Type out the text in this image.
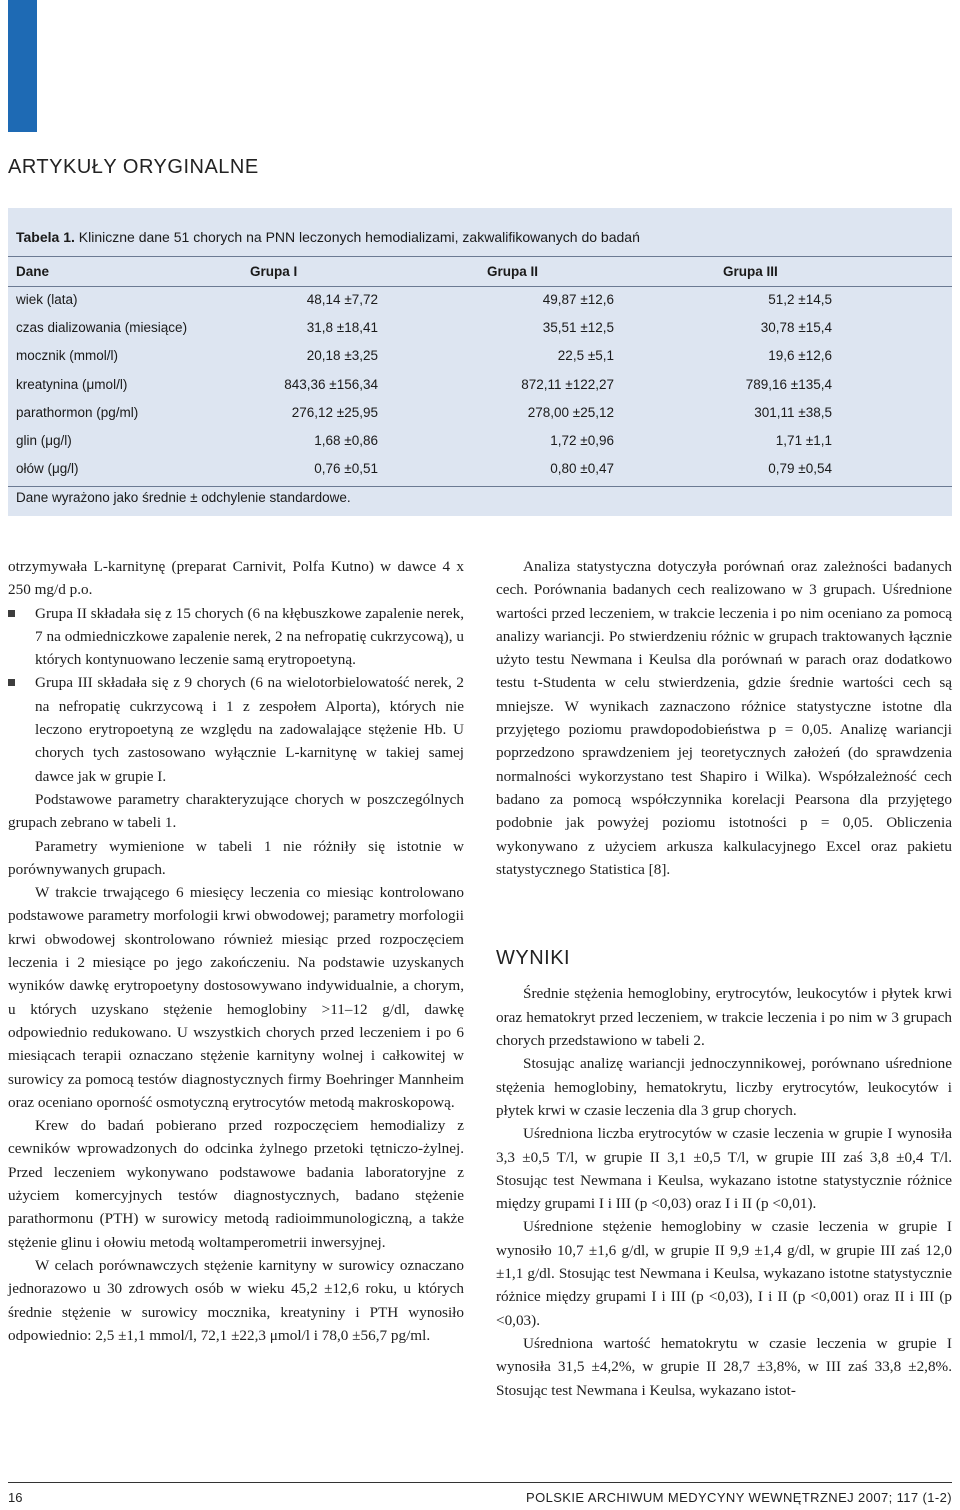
ARTYKUŁY ORYGINALNE
Tabela 1. Kliniczne dane 51 chorych na PNN leczonych hemodializami, zakwalifikowanych do badań
Dane	Grupa I	Grupa II	Grupa III
wiek (lata)	48,14 ±7,72	49,87 ±12,6	51,2 ±14,5
czas dializowania (miesiące)	31,8 ±18,41	35,51 ±12,5	30,78 ±15,4
mocznik (mmol/l)	20,18 ±3,25	22,5 ±5,1	19,6 ±12,6
kreatynina (μmol/l)	843,36 ±156,34	872,11 ±122,27	789,16 ±135,4
parathormon (pg/ml)	276,12 ±25,95	278,00 ±25,12	301,11 ±38,5
glin (μg/l)	1,68 ±0,86	1,72 ±0,96	1,71 ±1,1
ołów (μg/l)	0,76 ±0,51	0,80 ±0,47	0,79 ±0,54
Dane wyrażono jako średnie ± odchylenie standardowe.

otrzymywała L-karnitynę (preparat Carnivit, Polfa Kutno) w dawce 4 x 250 mg/d p.o.

Grupa II składała się z 15 chorych (6 na kłębuszkowe zapalenie nerek, 7 na odmiedniczkowe zapalenie nerek, 2 na nefropatię cukrzycową), u których kontynuowano leczenie samą erytropoetyną.

Grupa III składała się z 9 chorych (6 na wielotorbielowatość nerek, 2 na nefropatię cukrzycową i 1 z zespołem Alporta), których nie leczono erytropoetyną ze względu na zadowalające stężenie Hb. U chorych tych zastosowano wyłącznie L-karnitynę w takiej samej dawce jak w grupie I.

Podstawowe parametry charakteryzujące chorych w poszczególnych grupach zebrano w tabeli 1.

Parametry wymienione w tabeli 1 nie różniły się istotnie w porównywanych grupach.

W trakcie trwającego 6 miesięcy leczenia co miesiąc kontrolowano podstawowe parametry morfologii krwi obwodowej; parametry morfologii krwi obwodowej skontrolowano również miesiąc przed rozpoczęciem leczenia i 2 miesiące po jego zakończeniu. Na podstawie uzyskanych wyników dawkę erytropoetyny dostosowywano indywidualnie, a chorym, u których uzyskano stężenie hemoglobiny >11–12 g/dl, dawkę odpowiednio redukowano. U wszystkich chorych przed leczeniem i po 6 miesiącach terapii oznaczano stężenie karnityny wolnej i całkowitej w surowicy za pomocą testów diagnostycznych firmy Boehringer Mannheim oraz oceniano oporność osmotyczną erytrocytów metodą makroskopową.

Krew do badań pobierano przed rozpoczęciem hemodializy z cewników wprowadzonych do odcinka żylnego przetoki tętniczo-żylnej. Przed leczeniem wykonywano podstawowe badania laboratoryjne z użyciem komercyjnych testów diagnostycznych, badano stężenie parathormonu (PTH) w surowicy metodą radioimmunologiczną, a także stężenie glinu i ołowiu metodą woltamperometrii inwersyjnej.

W celach porównawczych stężenie karnityny w surowicy oznaczano jednorazowo u 30 zdrowych osób w wieku 45,2 ±12,6 roku, u których średnie stężenie w surowicy mocznika, kreatyniny i PTH wynosiło odpowiednio: 2,5 ±1,1 mmol/l, 72,1 ±22,3 μmol/l i 78,0 ±56,7 pg/ml.

Analiza statystyczna dotyczyła porównań oraz zależności badanych cech. Porównania badanych cech realizowano w 3 grupach. Uśrednione wartości przed leczeniem, w trakcie leczenia i po nim oceniano za pomocą analizy wariancji. Po stwierdzeniu różnic w grupach traktowanych łącznie użyto testu Newmana i Keulsa dla porównań w parach oraz dodatkowo testu t-Studenta w celu stwierdzenia, gdzie średnie wartości cech są mniejsze. W wynikach zaznaczono różnice statystyczne istotne dla przyjętego poziomu prawdopodobieństwa p = 0,05. Analizę wariancji poprzedzono sprawdzeniem jej teoretycznych założeń (do sprawdzenia normalności wykorzystano test Shapiro i Wilka). Współzależność cech badano za pomocą współczynnika korelacji Pearsona dla przyjętego podobnie jak powyżej poziomu istotności p = 0,05. Obliczenia wykonywano z użyciem arkusza kalkulacyjnego Excel oraz pakietu statystycznego Statistica [8].

WYNIKI

Średnie stężenia hemoglobiny, erytrocytów, leukocytów i płytek krwi oraz hematokryt przed leczeniem, w trakcie leczenia i po nim w 3 grupach chorych przedstawiono w tabeli 2.

Stosując analizę wariancji jednoczynnikowej, porównano uśrednione stężenia hemoglobiny, hematokrytu, liczby erytrocytów, leukocytów i płytek krwi w czasie leczenia dla 3 grup chorych.

Uśredniona liczba erytrocytów w czasie leczenia w grupie I wynosiła 3,3 ±0,5 T/l, w grupie II 3,1 ±0,5 T/l, w grupie III zaś 3,8 ±0,4 T/l. Stosując test Newmana i Keulsa, wykazano istotne statystycznie różnice między grupami I i III (p <0,03) oraz I i II (p <0,01).

Uśrednione stężenie hemoglobiny w czasie leczenia w grupie I wynosiło 10,7 ±1,6 g/dl, w grupie II 9,9 ±1,4 g/dl, w grupie III zaś 12,0 ±1,1 g/dl. Stosując test Newmana i Keulsa, wykazano istotne statystycznie różnice między grupami I i III (p <0,03), I i II (p <0,001) oraz II i III (p <0,03).

Uśredniona wartość hematokrytu w czasie leczenia w grupie I wynosiła 31,5 ±4,2%, w grupie II 28,7 ±3,8%, w III zaś 33,8 ±2,8%. Stosując test Newmana i Keulsa, wykazano istot-

16	POLSKIE ARCHIWUM MEDYCYNY WEWNĘTRZNEJ 2007; 117 (1-2)
